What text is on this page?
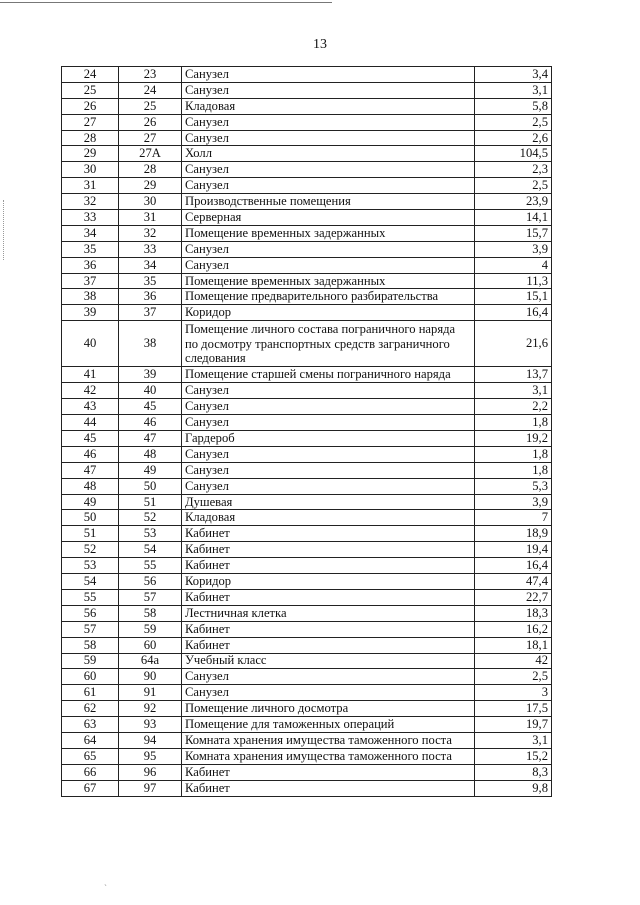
13
24	23	Санузел	3,4
25	24	Санузел	3,1
26	25	Кладовая	5,8
27	26	Санузел	2,5
28	27	Санузел	2,6
29	27А	Холл	104,5
30	28	Санузел	2,3
31	29	Санузел	2,5
32	30	Производственные помещения	23,9
33	31	Серверная	14,1
34	32	Помещение временных задержанных	15,7
35	33	Санузел	3,9
36	34	Санузел	4
37	35	Помещение временных задержанных	11,3
38	36	Помещение предварительного разбирательства	15,1
39	37	Коридор	16,4
40	38	Помещение личного состава пограничного наряда по досмотру транспортных средств заграничного следования	21,6
41	39	Помещение старшей смены пограничного наряда	13,7
42	40	Санузел	3,1
43	45	Санузел	2,2
44	46	Санузел	1,8
45	47	Гардероб	19,2
46	48	Санузел	1,8
47	49	Санузел	1,8
48	50	Санузел	5,3
49	51	Душевая	3,9
50	52	Кладовая	7
51	53	Кабинет	18,9
52	54	Кабинет	19,4
53	55	Кабинет	16,4
54	56	Коридор	47,4
55	57	Кабинет	22,7
56	58	Лестничная клетка	18,3
57	59	Кабинет	16,2
58	60	Кабинет	18,1
59	64а	Учебный класс	42
60	90	Санузел	2,5
61	91	Санузел	3
62	92	Помещение личного досмотра	17,5
63	93	Помещение для таможенных операций	19,7
64	94	Комната хранения имущества таможенного поста	3,1
65	95	Комната хранения имущества таможенного поста	15,2
66	96	Кабинет	8,3
67	97	Кабинет	9,8
`
